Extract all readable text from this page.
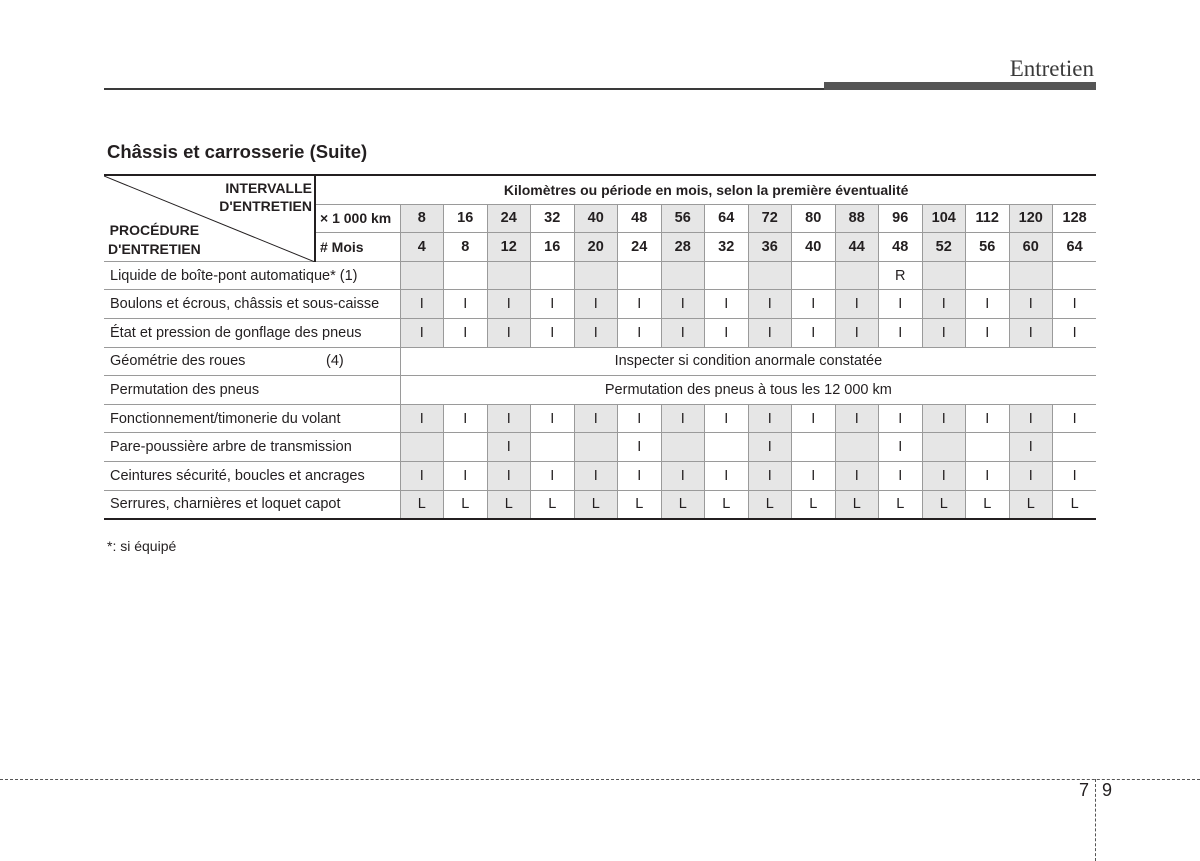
Entretien
Châssis et carrosserie (Suite)
INTERVALLE
D'ENTRETIEN
PROCÉDURE
D'ENTRETIEN	Kilomètres ou période en mois, selon la première éventualité																
	× 1 000 km	8	16	24	32	40	48	56	64	72	80	88	96	104	112	120	128
	# Mois	4	8	12	16	20	24	28	32	36	40	44	48	52	56	60	64
Liquide de boîte-pont automatique* (1)													R				
Boulons et écrous, châssis et sous-caisse		I	I	I	I	I	I	I	I	I	I	I	I	I	I	I	I
État et pression de gonflage des pneus		I	I	I	I	I	I	I	I	I	I	I	I	I	I	I	I
Géométrie des roues (4)		Inspecter si condition anormale constatée															
Permutation des pneus		Permutation des pneus à tous les 12 000 km															
Fonctionnement/timonerie du volant		I	I	I	I	I	I	I	I	I	I	I	I	I	I	I	I
Pare-poussière arbre de transmission				I			I			I			I			I	
Ceintures sécurité, boucles et ancrages		I	I	I	I	I	I	I	I	I	I	I	I	I	I	I	I
Serrures, charnières et loquet capot		L	L	L	L	L	L	L	L	L	L	L	L	L	L	L	L
*: si équipé
7 9
